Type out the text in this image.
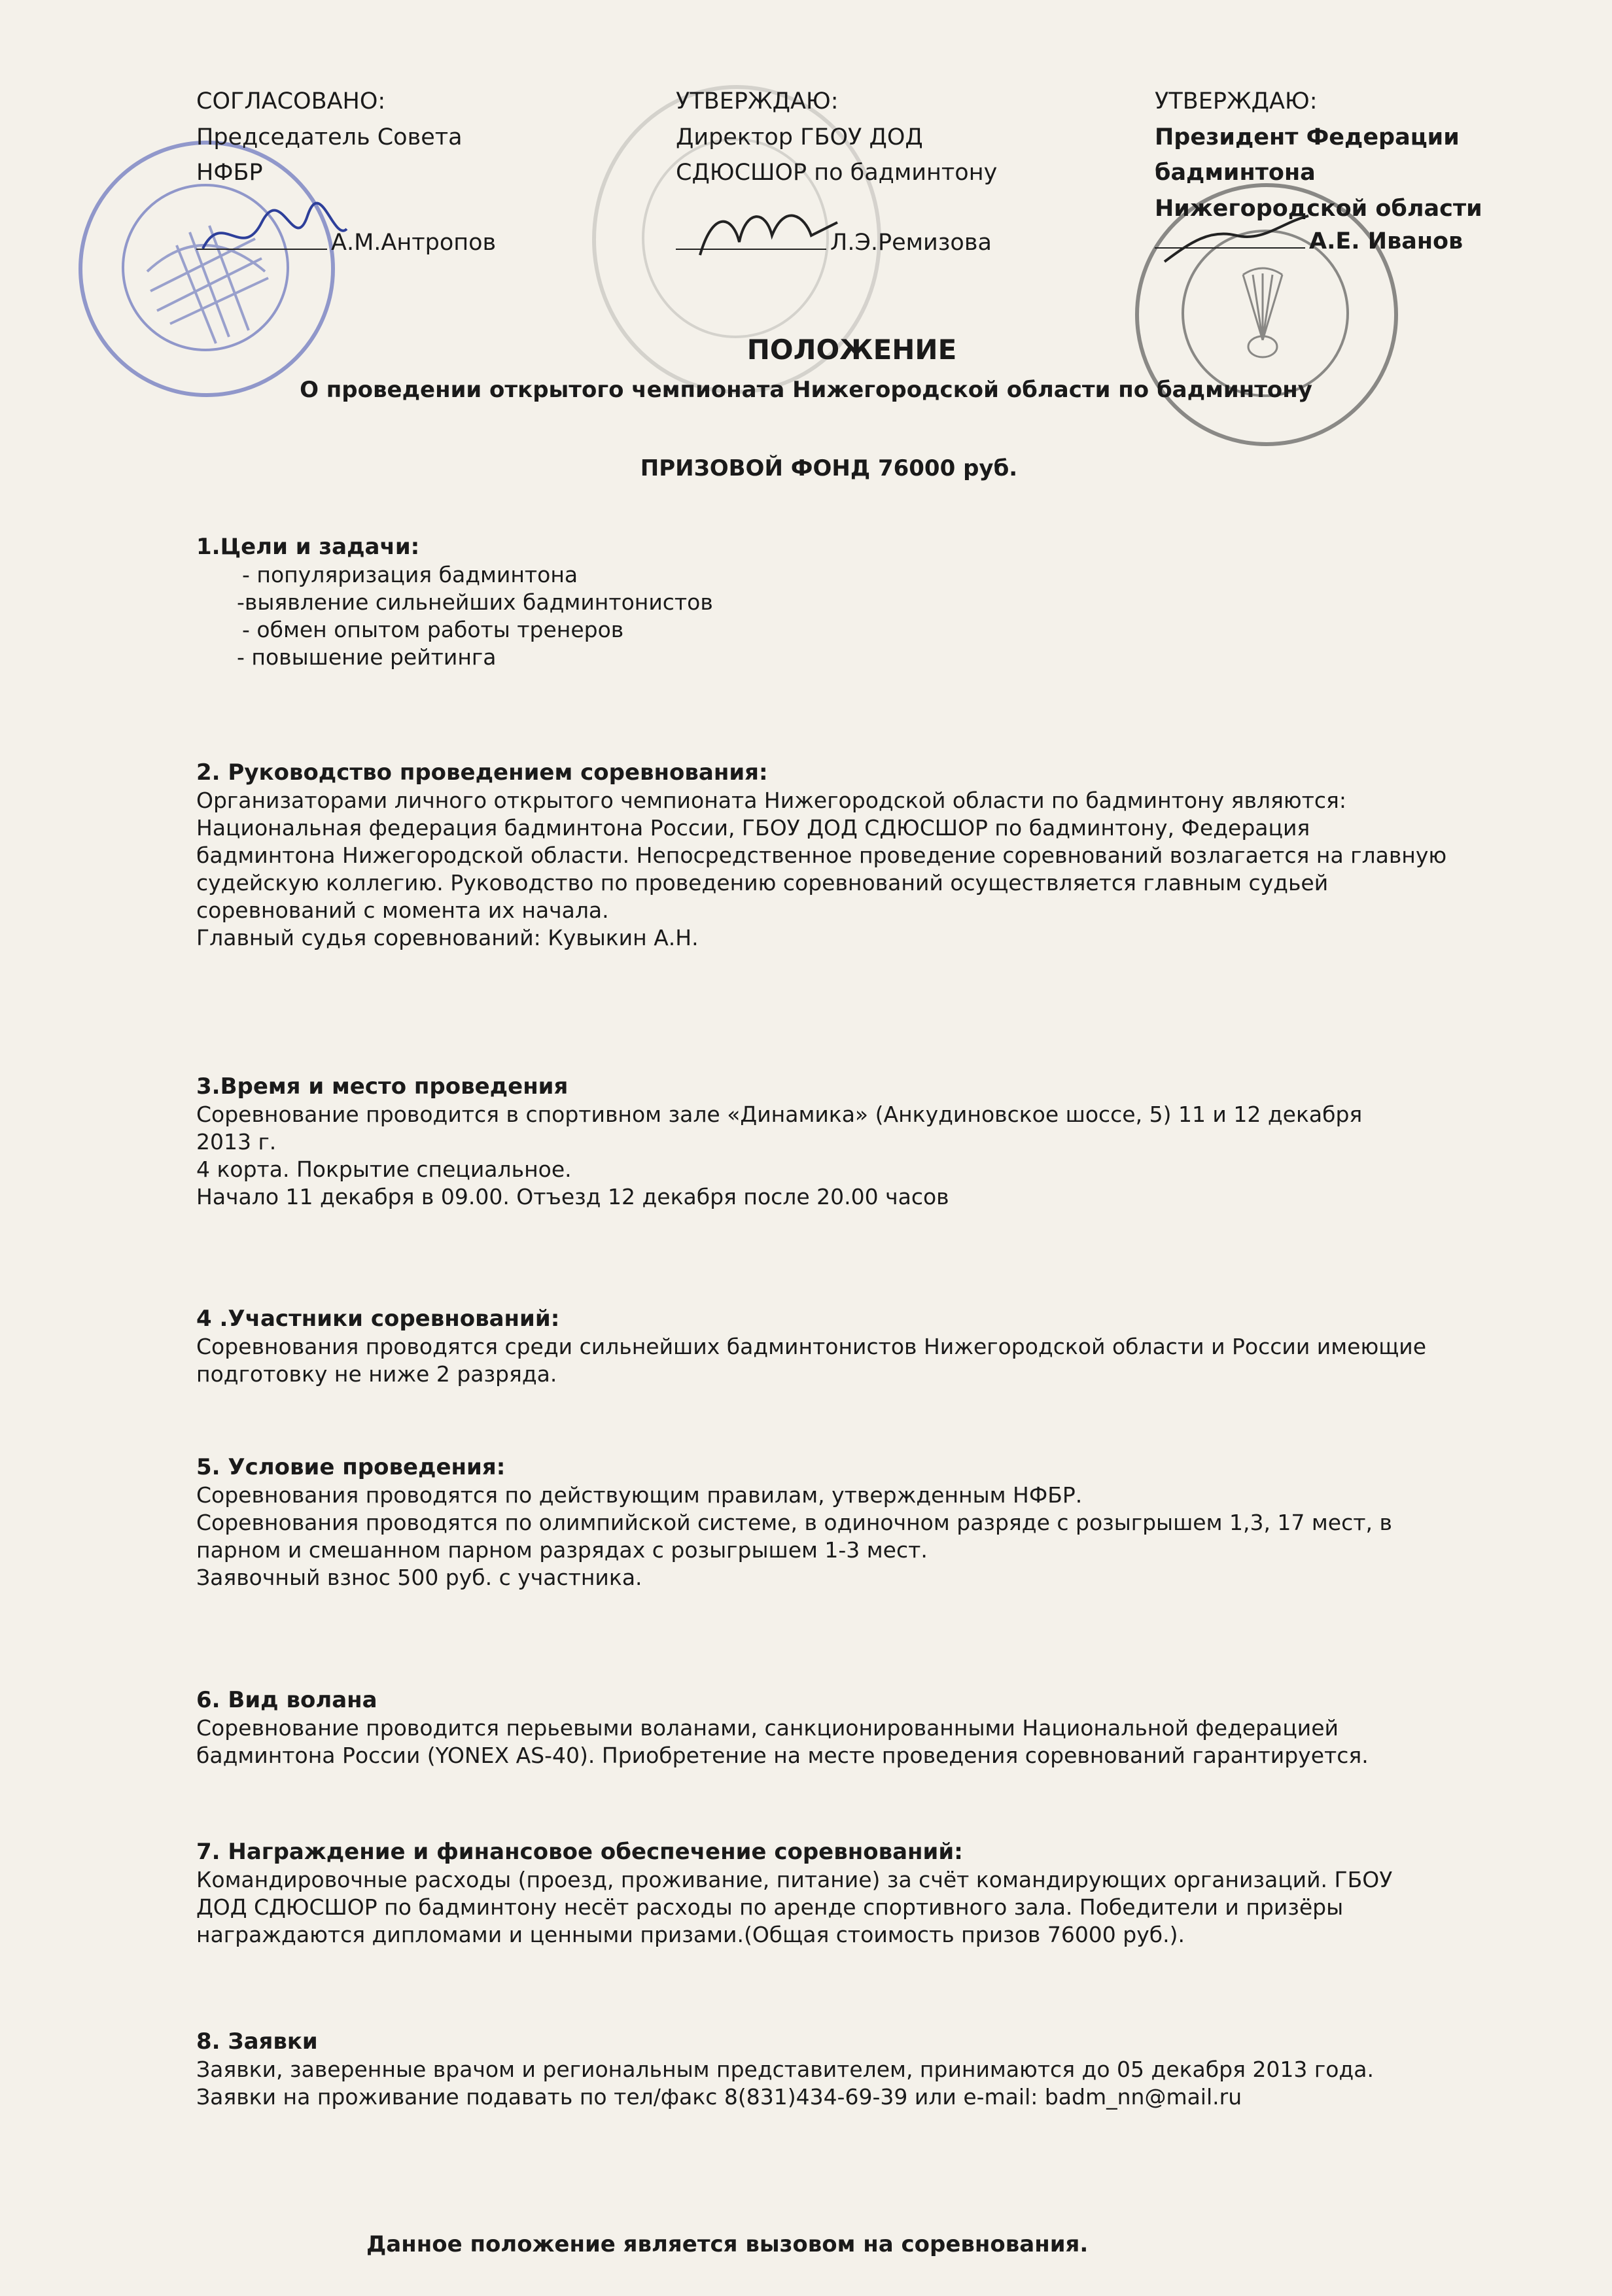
СОГЛАСОВАНО:
Председатель Совета
НФБР
А.М.Антропов
УТВЕРЖДАЮ:
Директор ГБОУ ДОД
СДЮСШОР по бадминтону
Л.Э.Ремизова
УТВЕРЖДАЮ:
Президент Федерации
бадминтона
Нижегородской области
А.Е. Иванов
ПОЛОЖЕНИЕ
О проведении открытого чемпионата Нижегородской области по бадминтону
ПРИЗОВОЙ ФОНД 76000 руб.
1.Цели и задачи:

- популяризация бадминтона

-выявление сильнейших бадминтонистов

- обмен опытом работы тренеров

- повышение рейтинга

2. Руководство проведением соревнования:

Организаторами личного открытого чемпионата Нижегородской области по бадминтону являются:

Национальная федерация бадминтона России, ГБОУ ДОД СДЮСШОР по бадминтону, Федерация

бадминтона Нижегородской области. Непосредственное проведение соревнований возлагается на главную

судейскую коллегию. Руководство по проведению соревнований осуществляется главным судьей

соревнований с момента их начала.

Главный судья соревнований: Кувыкин А.Н.

3.Время и место проведения

Соревнование проводится в спортивном зале «Динамика» (Анкудиновское шоссе, 5) 11 и 12 декабря

2013 г.

4 корта. Покрытие специальное.

Начало 11 декабря в 09.00. Отъезд 12 декабря после 20.00 часов

4 .Участники соревнований:

Соревнования проводятся среди сильнейших бадминтонистов Нижегородской области и России имеющие

подготовку не ниже 2 разряда.

5. Условие проведения:

Соревнования проводятся по действующим правилам, утвержденным НФБР.

Соревнования проводятся по олимпийской системе, в одиночном разряде с розыгрышем 1,3, 17 мест, в

парном и смешанном парном разрядах с розыгрышем 1-3 мест.

Заявочный взнос 500 руб. с участника.

6. Вид волана

Соревнование проводится перьевыми воланами, санкционированными Национальной федерацией

бадминтона России (YONEX AS-40). Приобретение на месте проведения соревнований гарантируется.

7. Награждение и финансовое обеспечение соревнований:

Командировочные расходы (проезд, проживание, питание) за счёт командирующих организаций. ГБОУ

ДОД СДЮСШОР по бадминтону несёт расходы по аренде спортивного зала. Победители и призёры

награждаются дипломами и ценными призами.(Общая стоимость призов 76000 руб.).

8. Заявки

Заявки, заверенные врачом и региональным представителем, принимаются до 05 декабря 2013 года.

Заявки на проживание подавать по тел/факс 8(831)434-69-39 или e-mail: badm_nn@mail.ru

Данное положение является вызовом на соревнования.
